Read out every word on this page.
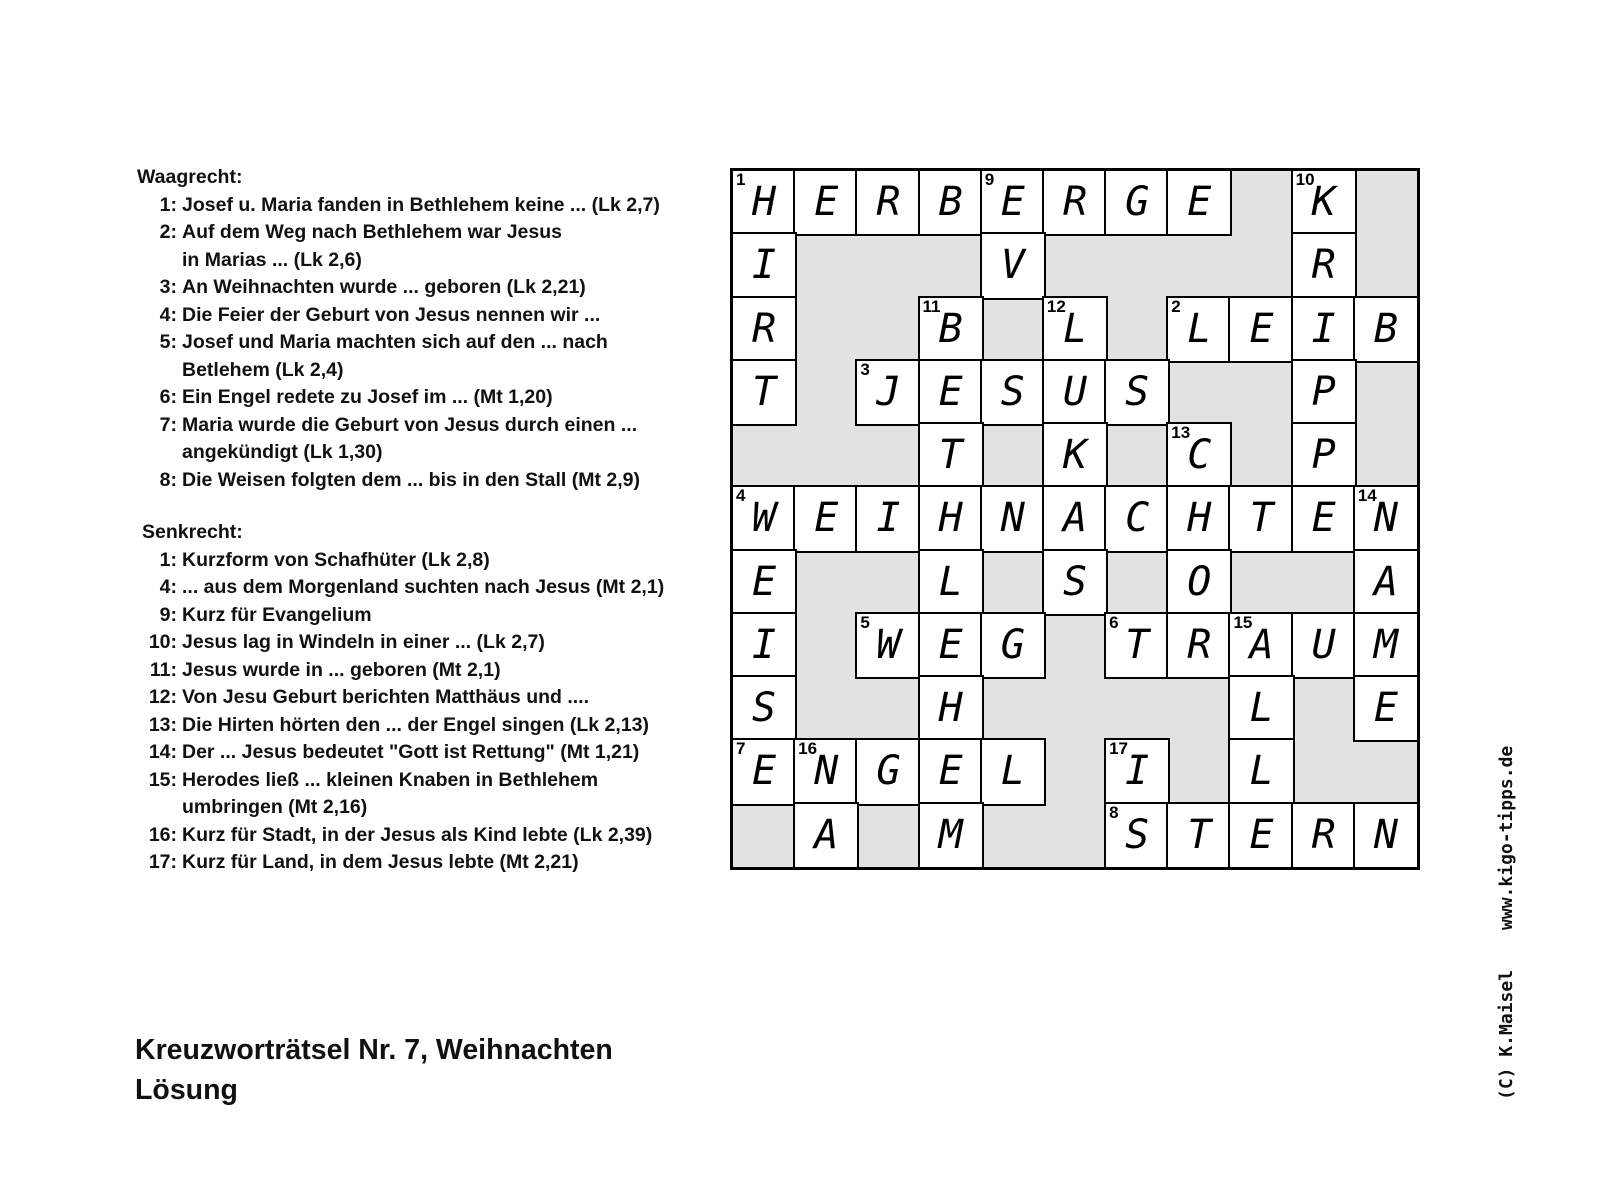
Waagrecht:
1: Josef u. Maria fanden in Bethlehem keine ... (Lk 2,7)
2: Auf dem Weg nach Bethlehem war Jesus
in Marias ... (Lk 2,6)
3: An Weihnachten wurde ... geboren (Lk 2,21)
4: Die Feier der Geburt von Jesus nennen wir ...
5: Josef und Maria machten sich auf den ... nach
Betlehem (Lk 2,4)
6: Ein Engel redete zu Josef im ... (Mt 1,20)
7: Maria wurde die Geburt von Jesus durch einen ...
angekündigt (Lk 1,30)
8: Die Weisen folgten dem ... bis in den Stall (Mt 2,9)
Senkrecht:
1: Kurzform von Schafhüter (Lk 2,8)
4: ... aus dem Morgenland suchten nach Jesus (Mt 2,1)
9: Kurz für Evangelium
10: Jesus lag in Windeln in einer ... (Lk 2,7)
11: Jesus wurde in ... geboren (Mt 2,1)
12: Von Jesu Geburt berichten Matthäus und ....
13: Die Hirten hörten den ... der Engel singen (Lk 2,13)
14: Der ... Jesus bedeutet "Gott ist Rettung" (Mt 1,21)
15: Herodes ließ ... kleinen Knaben in Bethlehem
umbringen (Mt 2,16)
16: Kurz für Stadt, in der Jesus als Kind lebte (Lk 2,39)
17: Kurz für Land, in dem Jesus lebte (Mt 2,21)
1 H E R B	9 E R G E	10
K
I	V	R
R	11
B	12
L	2 L E I B
T	3 J E S U S	P
T	K	13
C	P
4 W E I H N A C H T E	14
N
E	L	S	O	A
I	5 W E G	6 T R	15
A U M
S	H	L	E
7 E	16
N G E L	17
I	L
A	M	8 S T E R N
Kreuzworträtsel Nr. 7, Weihnachten
Lösung	(C) K.Maiselwww.kigo-tipps.de
